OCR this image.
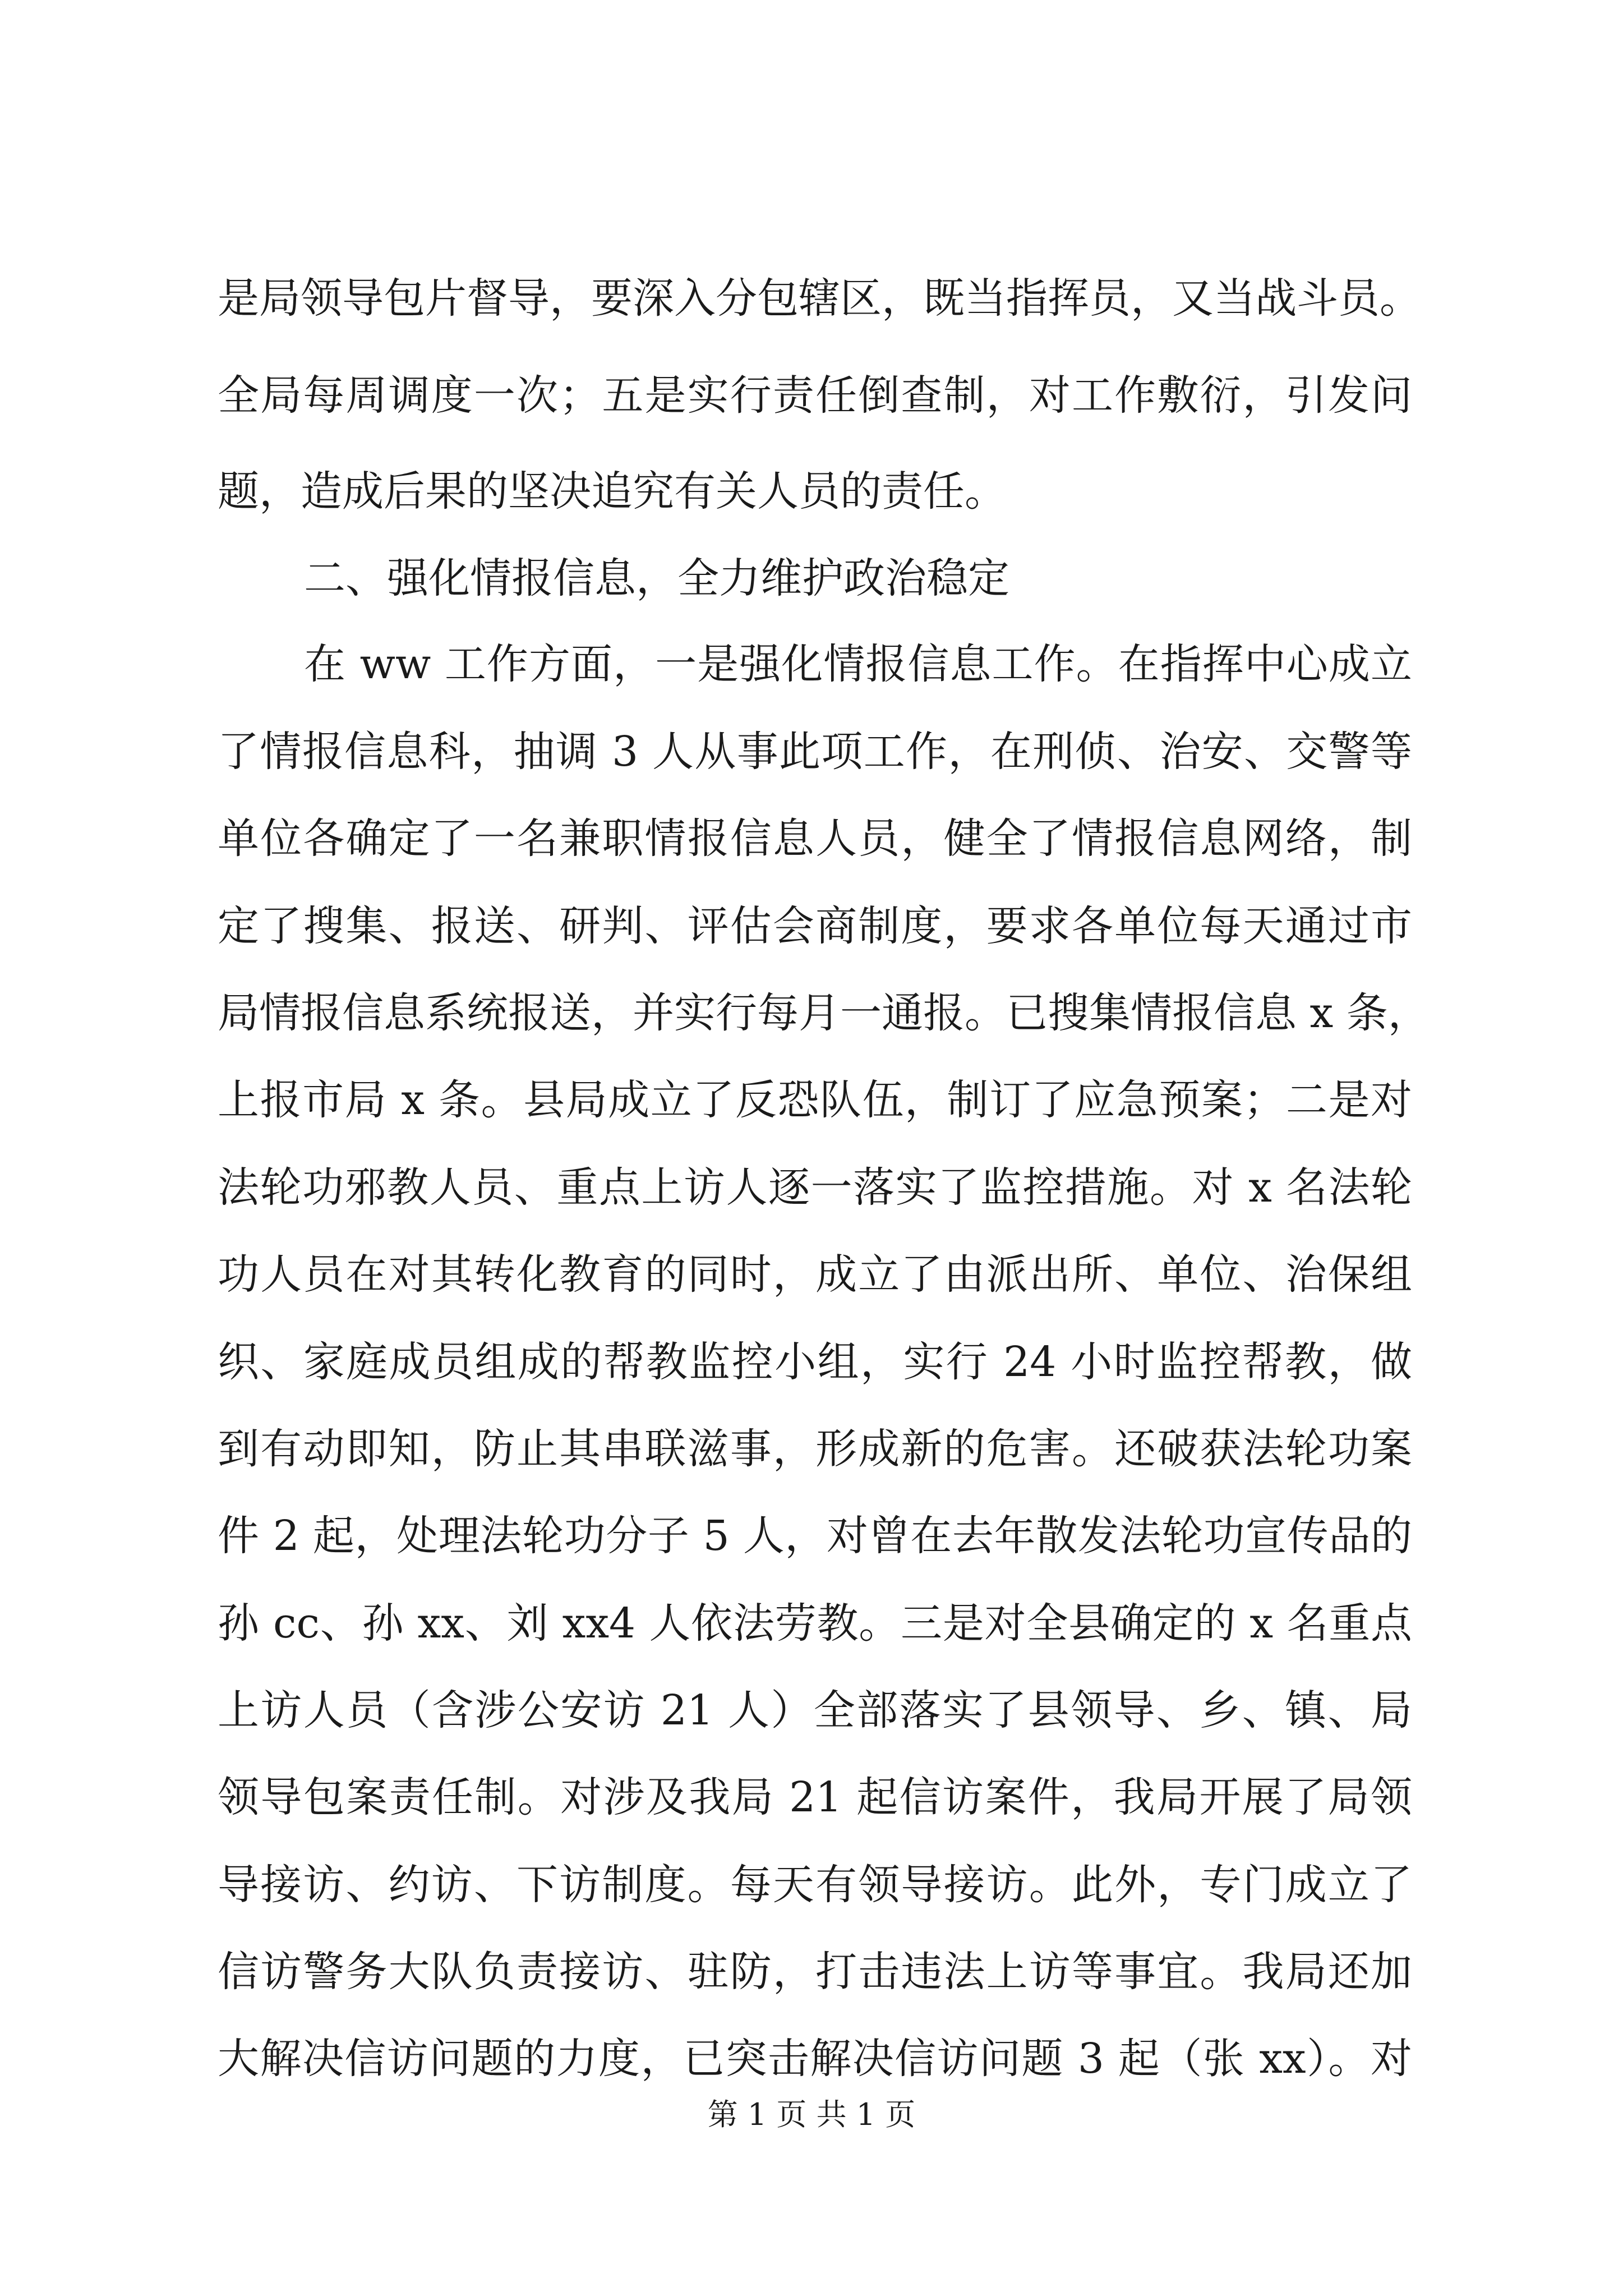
是局领导包片督导，要深入分包辖区，既当指挥员，又当战斗员。
全局每周调度一次；五是实行责任倒查制，对工作敷衍，引发问
题，造成后果的坚决追究有关人员的责任。
二、强化情报信息，全力维护政治稳定
在 ww 工作方面，一是强化情报信息工作。在指挥中心成立
了情报信息科，抽调 3 人从事此项工作，在刑侦、治安、交警等
单位各确定了一名兼职情报信息人员，健全了情报信息网络，制
定了搜集、报送、研判、评估会商制度，要求各单位每天通过市
局情报信息系统报送，并实行每月一通报。已搜集情报信息 x 条，
上报市局 x 条。县局成立了反恐队伍，制订了应急预案；二是对
法轮功邪教人员、重点上访人逐一落实了监控措施。对 x 名法轮
功人员在对其转化教育的同时，成立了由派出所、单位、治保组
织、家庭成员组成的帮教监控小组，实行 24 小时监控帮教，做
到有动即知，防止其串联滋事，形成新的危害。还破获法轮功案
件 2 起，处理法轮功分子 5 人，对曾在去年散发法轮功宣传品的
孙 cc、孙 xx、刘 xx4 人依法劳教。三是对全县确定的 x 名重点
上访人员（含涉公安访 21 人）全部落实了县领导、乡、镇、局
领导包案责任制。对涉及我局 21 起信访案件，我局开展了局领
导接访、约访、下访制度。每天有领导接访。此外，专门成立了
信访警务大队负责接访、驻防，打击违法上访等事宜。我局还加
大解决信访问题的力度，已突击解决信访问题 3 起（张 xx）。对
第 1 页 共 1 页
